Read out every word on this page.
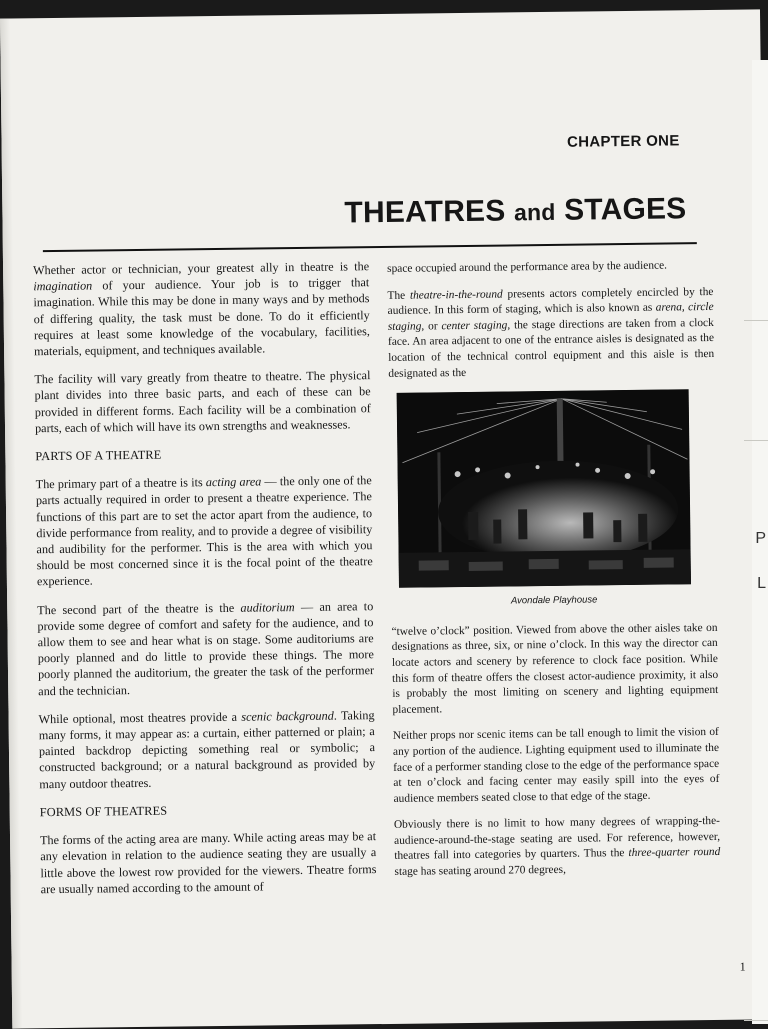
CHAPTER ONE
THEATRES and STAGES

Whether actor or technician, your greatest ally in theatre is the imagination of your audience. Your job is to trigger that imagination. While this may be done in many ways and by methods of differing quality, the task must be done. To do it efficiently requires at least some knowledge of the vocabulary, facilities, materials, equipment, and techniques available.

The facility will vary greatly from theatre to theatre. The physical plant divides into three basic parts, and each of these can be provided in different forms. Each facility will be a combination of parts, each of which will have its own strengths and weaknesses.

PARTS OF A THEATRE

The primary part of a theatre is its acting area — the only one of the parts actually required in order to present a theatre experience. The functions of this part are to set the actor apart from the audience, to divide performance from reality, and to provide a degree of visibility and audibility for the performer. This is the area with which you should be most concerned since it is the focal point of the theatre experience.

The second part of the theatre is the auditorium — an area to provide some degree of comfort and safety for the audience, and to allow them to see and hear what is on stage. Some auditoriums are poorly planned and do little to provide these things. The more poorly planned the auditorium, the greater the task of the performer and the technician.

While optional, most theatres provide a scenic background. Taking many forms, it may appear as: a curtain, either patterned or plain; a painted backdrop depicting something real or symbolic; a constructed background; or a natural background as provided by many outdoor theatres.

FORMS OF THEATRES

The forms of the acting area are many. While acting areas may be at any elevation in relation to the audience seating they are usually a little above the lowest row provided for the viewers. Theatre forms are usually named according to the amount of

space occupied around the performance area by the audience.

The theatre-in-the-round presents actors completely encircled by the audience. In this form of staging, which is also known as arena, circle staging, or center staging, the stage directions are taken from a clock face. An area adjacent to one of the entrance aisles is designated as the location of the technical control equipment and this aisle is then designated as the

Avondale Playhouse

“twelve o’clock” position. Viewed from above the other aisles take on designations as three, six, or nine o’clock. In this way the director can locate actors and scenery by reference to clock face position. While this form of theatre offers the closest actor-audience proximity, it also is probably the most limiting on scenery and lighting equipment placement.

Neither props nor scenic items can be tall enough to limit the vision of any portion of the audience. Lighting equipment used to illuminate the face of a performer standing close to the edge of the performance space at ten o’clock and facing center may easily spill into the eyes of audience members seated close to that edge of the stage.

Obviously there is no limit to how many degrees of wrapping-the-audience-around-the-stage seating are used. For reference, however, theatres fall into categories by quarters. Thus the three-quarter round stage has seating around 270 degrees,

1
P
L
